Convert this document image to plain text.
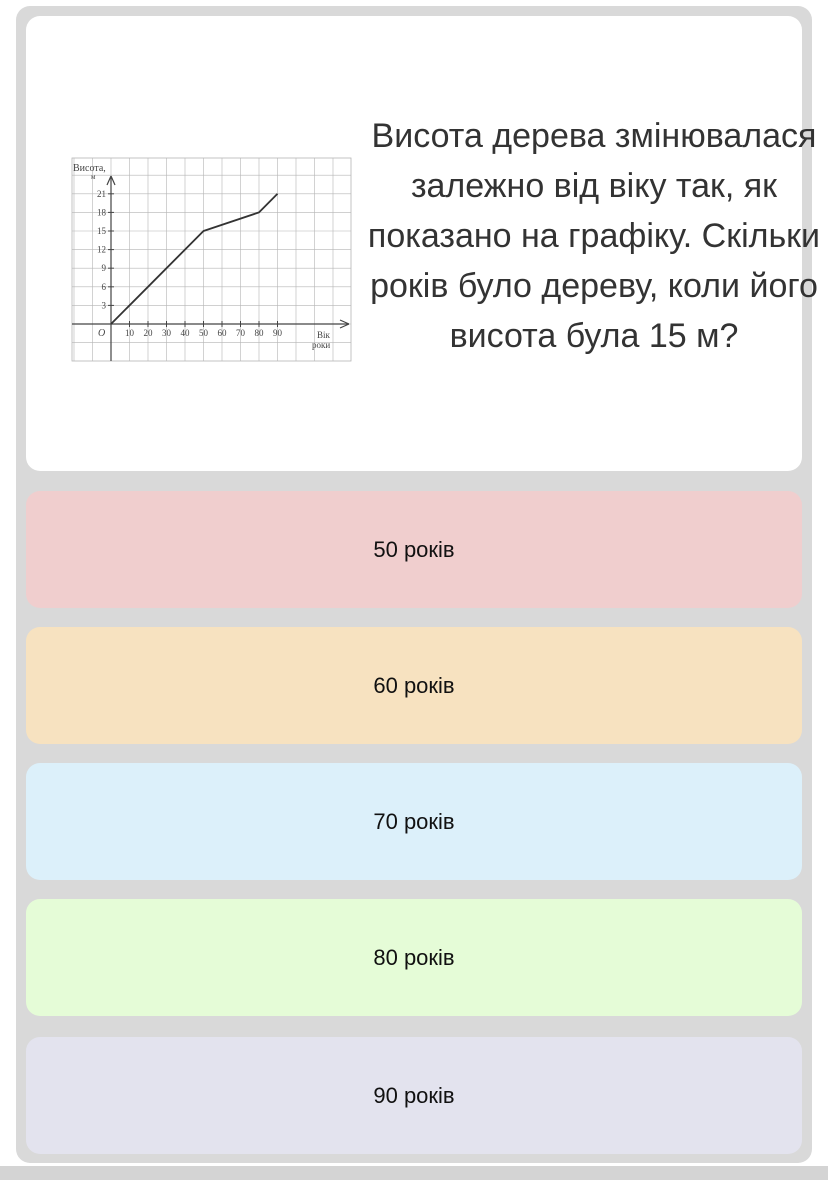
10 20 30 40 50 60 70 80 90
3
6
9
12
15
18
21
Висота,
м
Вік
роки
O

Висота дерева змінювалася залежно від віку так, як показано на графіку. Скільки років було дереву, коли його висота була 15 м?

50 років
60 років
70 років
80 років
90 років
